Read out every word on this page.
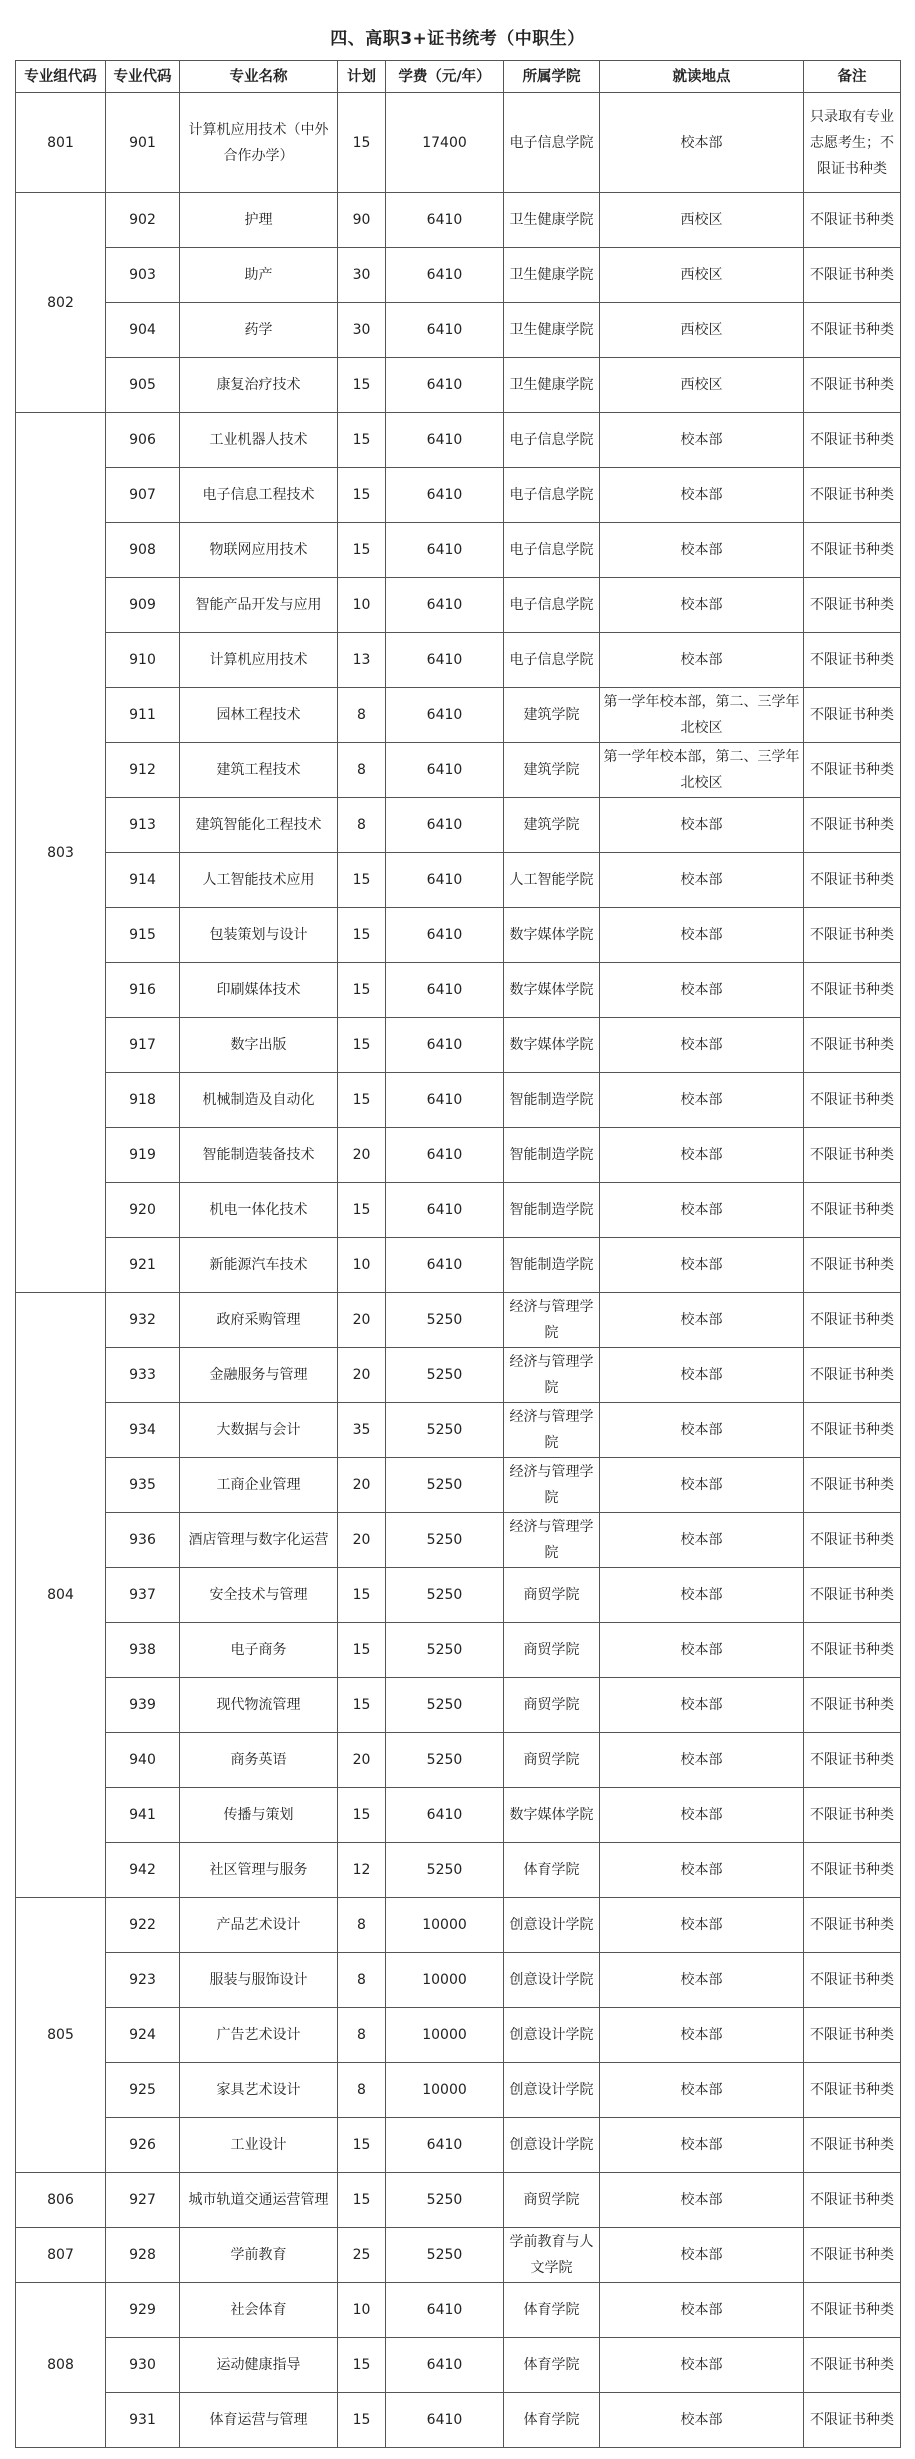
四、高职3+证书统考（中职生）
专业组代码	专业代码	专业名称	计划	学费（元/年）	所属学院	就读地点	备注
801	901	计算机应用技术（中外合作办学）	15	17400	电子信息学院	校本部	只录取有专业志愿考生；不限证书种类
802	902	护理	90	6410	卫生健康学院	西校区	不限证书种类
	903	助产	30	6410	卫生健康学院	西校区	不限证书种类
	904	药学	30	6410	卫生健康学院	西校区	不限证书种类
	905	康复治疗技术	15	6410	卫生健康学院	西校区	不限证书种类
803	906	工业机器人技术	15	6410	电子信息学院	校本部	不限证书种类
	907	电子信息工程技术	15	6410	电子信息学院	校本部	不限证书种类
	908	物联网应用技术	15	6410	电子信息学院	校本部	不限证书种类
	909	智能产品开发与应用	10	6410	电子信息学院	校本部	不限证书种类
	910	计算机应用技术	13	6410	电子信息学院	校本部	不限证书种类
	911	园林工程技术	8	6410	建筑学院	第一学年校本部，第二、三学年北校区	不限证书种类
	912	建筑工程技术	8	6410	建筑学院	第一学年校本部，第二、三学年北校区	不限证书种类
	913	建筑智能化工程技术	8	6410	建筑学院	校本部	不限证书种类
	914	人工智能技术应用	15	6410	人工智能学院	校本部	不限证书种类
	915	包装策划与设计	15	6410	数字媒体学院	校本部	不限证书种类
	916	印刷媒体技术	15	6410	数字媒体学院	校本部	不限证书种类
	917	数字出版	15	6410	数字媒体学院	校本部	不限证书种类
	918	机械制造及自动化	15	6410	智能制造学院	校本部	不限证书种类
	919	智能制造装备技术	20	6410	智能制造学院	校本部	不限证书种类
	920	机电一体化技术	15	6410	智能制造学院	校本部	不限证书种类
	921	新能源汽车技术	10	6410	智能制造学院	校本部	不限证书种类
804	932	政府采购管理	20	5250	经济与管理学院	校本部	不限证书种类
	933	金融服务与管理	20	5250	经济与管理学院	校本部	不限证书种类
	934	大数据与会计	35	5250	经济与管理学院	校本部	不限证书种类
	935	工商企业管理	20	5250	经济与管理学院	校本部	不限证书种类
	936	酒店管理与数字化运营	20	5250	经济与管理学院	校本部	不限证书种类
	937	安全技术与管理	15	5250	商贸学院	校本部	不限证书种类
	938	电子商务	15	5250	商贸学院	校本部	不限证书种类
	939	现代物流管理	15	5250	商贸学院	校本部	不限证书种类
	940	商务英语	20	5250	商贸学院	校本部	不限证书种类
	941	传播与策划	15	6410	数字媒体学院	校本部	不限证书种类
	942	社区管理与服务	12	5250	体育学院	校本部	不限证书种类
805	922	产品艺术设计	8	10000	创意设计学院	校本部	不限证书种类
	923	服装与服饰设计	8	10000	创意设计学院	校本部	不限证书种类
	924	广告艺术设计	8	10000	创意设计学院	校本部	不限证书种类
	925	家具艺术设计	8	10000	创意设计学院	校本部	不限证书种类
	926	工业设计	15	6410	创意设计学院	校本部	不限证书种类
806	927	城市轨道交通运营管理	15	5250	商贸学院	校本部	不限证书种类
807	928	学前教育	25	5250	学前教育与人文学院	校本部	不限证书种类
808	929	社会体育	10	6410	体育学院	校本部	不限证书种类
	930	运动健康指导	15	6410	体育学院	校本部	不限证书种类
	931	体育运营与管理	15	6410	体育学院	校本部	不限证书种类
